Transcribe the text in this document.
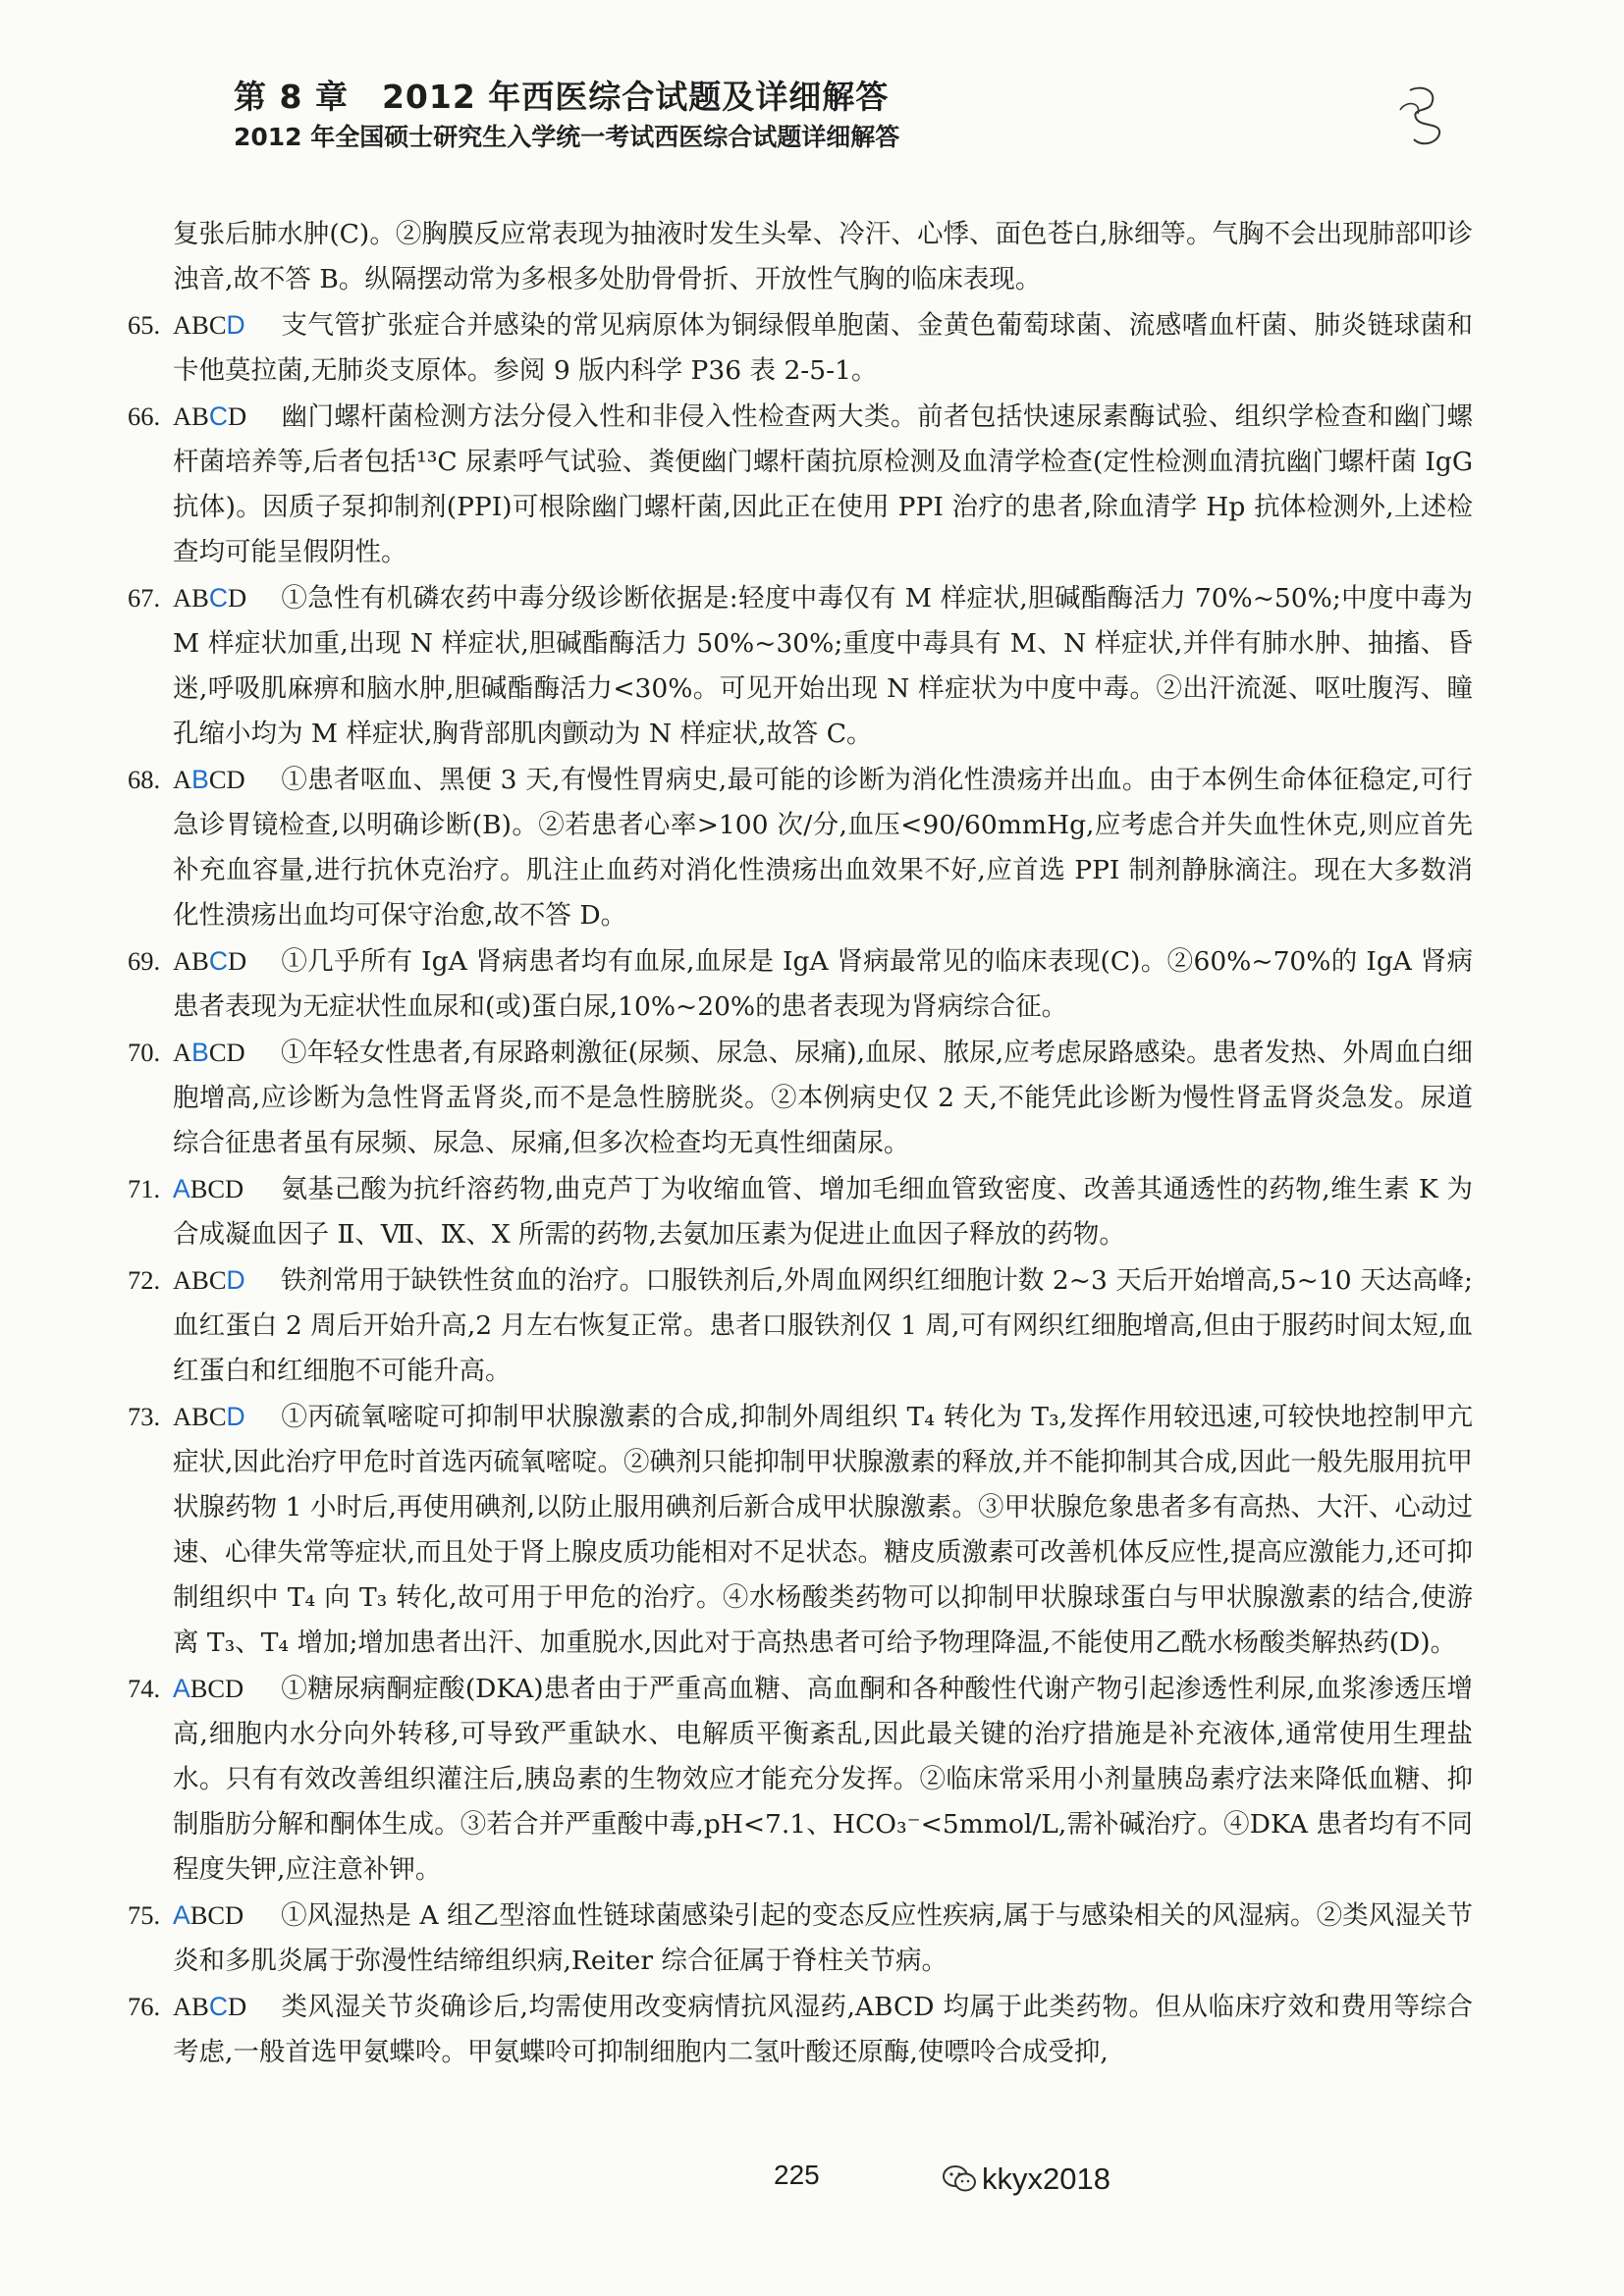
第 8 章　2012 年西医综合试题及详细解答

2012 年全国硕士研究生入学统一考试西医综合试题详细解答

复张后肺水肿(C)。②胸膜反应常表现为抽液时发生头晕、冷汗、心悸、面色苍白,脉细等。气胸不会出现肺部叩诊浊音,故不答 B。纵隔摆动常为多根多处肋骨骨折、开放性气胸的临床表现。

65. ABCD 支气管扩张症合并感染的常见病原体为铜绿假单胞菌、金黄色葡萄球菌、流感嗜血杆菌、肺炎链球菌和卡他莫拉菌,无肺炎支原体。参阅 9 版内科学 P36 表 2-5-1。
66. ABCD 幽门螺杆菌检测方法分侵入性和非侵入性检查两大类。前者包括快速尿素酶试验、组织学检查和幽门螺杆菌培养等,后者包括¹³C 尿素呼气试验、粪便幽门螺杆菌抗原检测及血清学检查(定性检测血清抗幽门螺杆菌 IgG 抗体)。因质子泵抑制剂(PPI)可根除幽门螺杆菌,因此正在使用 PPI 治疗的患者,除血清学 Hp 抗体检测外,上述检查均可能呈假阴性。
67. ABCD ①急性有机磷农药中毒分级诊断依据是:轻度中毒仅有 M 样症状,胆碱酯酶活力 70%~50%;中度中毒为 M 样症状加重,出现 N 样症状,胆碱酯酶活力 50%~30%;重度中毒具有 M、N 样症状,并伴有肺水肿、抽搐、昏迷,呼吸肌麻痹和脑水肿,胆碱酯酶活力<30%。可见开始出现 N 样症状为中度中毒。②出汗流涎、呕吐腹泻、瞳孔缩小均为 M 样症状,胸背部肌肉颤动为 N 样症状,故答 C。
68. ABCD ①患者呕血、黑便 3 天,有慢性胃病史,最可能的诊断为消化性溃疡并出血。由于本例生命体征稳定,可行急诊胃镜检查,以明确诊断(B)。②若患者心率>100 次/分,血压<90/60mmHg,应考虑合并失血性休克,则应首先补充血容量,进行抗休克治疗。肌注止血药对消化性溃疡出血效果不好,应首选 PPI 制剂静脉滴注。现在大多数消化性溃疡出血均可保守治愈,故不答 D。
69. ABCD ①几乎所有 IgA 肾病患者均有血尿,血尿是 IgA 肾病最常见的临床表现(C)。②60%~70%的 IgA 肾病患者表现为无症状性血尿和(或)蛋白尿,10%~20%的患者表现为肾病综合征。
70. ABCD ①年轻女性患者,有尿路刺激征(尿频、尿急、尿痛),血尿、脓尿,应考虑尿路感染。患者发热、外周血白细胞增高,应诊断为急性肾盂肾炎,而不是急性膀胱炎。②本例病史仅 2 天,不能凭此诊断为慢性肾盂肾炎急发。尿道综合征患者虽有尿频、尿急、尿痛,但多次检查均无真性细菌尿。
71. ABCD 氨基己酸为抗纤溶药物,曲克芦丁为收缩血管、增加毛细血管致密度、改善其通透性的药物,维生素 K 为合成凝血因子 Ⅱ、Ⅶ、Ⅸ、Ⅹ 所需的药物,去氨加压素为促进止血因子释放的药物。
72. ABCD 铁剂常用于缺铁性贫血的治疗。口服铁剂后,外周血网织红细胞计数 2~3 天后开始增高,5~10 天达高峰;血红蛋白 2 周后开始升高,2 月左右恢复正常。患者口服铁剂仅 1 周,可有网织红细胞增高,但由于服药时间太短,血红蛋白和红细胞不可能升高。
73. ABCD ①丙硫氧嘧啶可抑制甲状腺激素的合成,抑制外周组织 T₄ 转化为 T₃,发挥作用较迅速,可较快地控制甲亢症状,因此治疗甲危时首选丙硫氧嘧啶。②碘剂只能抑制甲状腺激素的释放,并不能抑制其合成,因此一般先服用抗甲状腺药物 1 小时后,再使用碘剂,以防止服用碘剂后新合成甲状腺激素。③甲状腺危象患者多有高热、大汗、心动过速、心律失常等症状,而且处于肾上腺皮质功能相对不足状态。糖皮质激素可改善机体反应性,提高应激能力,还可抑制组织中 T₄ 向 T₃ 转化,故可用于甲危的治疗。④水杨酸类药物可以抑制甲状腺球蛋白与甲状腺激素的结合,使游离 T₃、T₄ 增加;增加患者出汗、加重脱水,因此对于高热患者可给予物理降温,不能使用乙酰水杨酸类解热药(D)。
74. ABCD ①糖尿病酮症酸(DKA)患者由于严重高血糖、高血酮和各种酸性代谢产物引起渗透性利尿,血浆渗透压增高,细胞内水分向外转移,可导致严重缺水、电解质平衡紊乱,因此最关键的治疗措施是补充液体,通常使用生理盐水。只有有效改善组织灌注后,胰岛素的生物效应才能充分发挥。②临床常采用小剂量胰岛素疗法来降低血糖、抑制脂肪分解和酮体生成。③若合并严重酸中毒,pH<7.1、HCO₃⁻<5mmol/L,需补碱治疗。④DKA 患者均有不同程度失钾,应注意补钾。
75. ABCD ①风湿热是 A 组乙型溶血性链球菌感染引起的变态反应性疾病,属于与感染相关的风湿病。②类风湿关节炎和多肌炎属于弥漫性结缔组织病,Reiter 综合征属于脊柱关节病。
76. ABCD 类风湿关节炎确诊后,均需使用改变病情抗风湿药,ABCD 均属于此类药物。但从临床疗效和费用等综合考虑,一般首选甲氨蝶呤。甲氨蝶呤可抑制细胞内二氢叶酸还原酶,使嘌呤合成受抑,
225	kkyx2018
